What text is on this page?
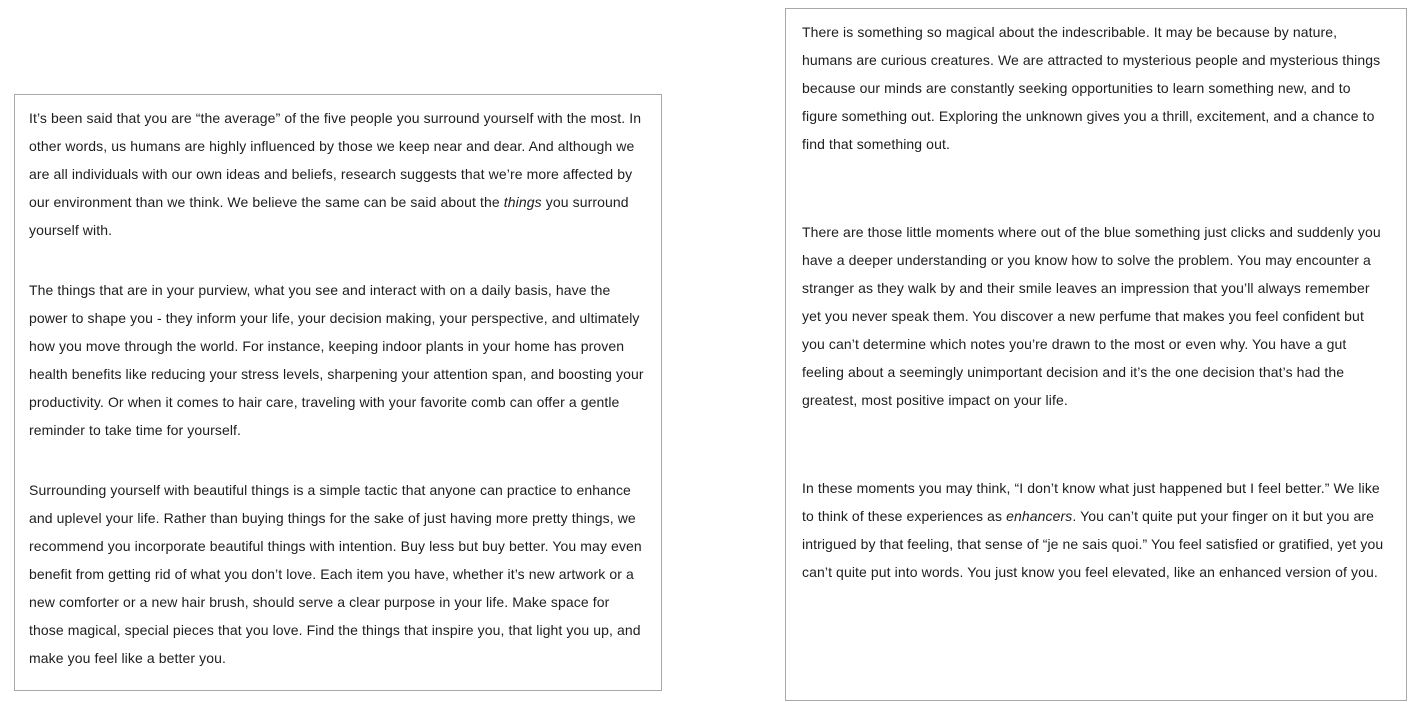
It’s been said that you are “the average” of the five people you surround yourself with the most. In other words, us humans are highly influenced by those we keep near and dear. And although we are all individuals with our own ideas and beliefs, research suggests that we’re more affected by our environment than we think. We believe the same can be said about the things you surround yourself with.

The things that are in your purview, what you see and interact with on a daily basis, have the power to shape you - they inform your life, your decision making, your perspective, and ultimately how you move through the world. For instance, keeping indoor plants in your home has proven health benefits like reducing your stress levels, sharpening your attention span, and boosting your productivity. Or when it comes to hair care, traveling with your favorite comb can offer a gentle reminder to take time for yourself.

Surrounding yourself with beautiful things is a simple tactic that anyone can practice to enhance and uplevel your life. Rather than buying things for the sake of just having more pretty things, we recommend you incorporate beautiful things with intention. Buy less but buy better. You may even benefit from getting rid of what you don’t love. Each item you have, whether it’s new artwork or a new comforter or a new hair brush, should serve a clear purpose in your life. Make space for those magical, special pieces that you love. Find the things that inspire you, that light you up, and make you feel like a better you.

There is something so magical about the indescribable. It may be because by nature, humans are curious creatures. We are attracted to mysterious people and mysterious things because our minds are constantly seeking opportunities to learn something new, and to figure something out. Exploring the unknown gives you a thrill, excitement, and a chance to find that something out.

There are those little moments where out of the blue something just clicks and suddenly you have a deeper understanding or you know how to solve the problem. You may encounter a stranger as they walk by and their smile leaves an impression that you’ll always remember yet you never speak them. You discover a new perfume that makes you feel confident but you can’t determine which notes you’re drawn to the most or even why. You have a gut feeling about a seemingly unimportant decision and it’s the one decision that’s had the greatest, most positive impact on your life.

In these moments you may think, “I don’t know what just happened but I feel better.” We like to think of these experiences as enhancers. You can’t quite put your finger on it but you are intrigued by that feeling, that sense of “je ne sais quoi.” You feel satisfied or gratified, yet you can’t quite put into words. You just know you feel elevated, like an enhanced version of you.
